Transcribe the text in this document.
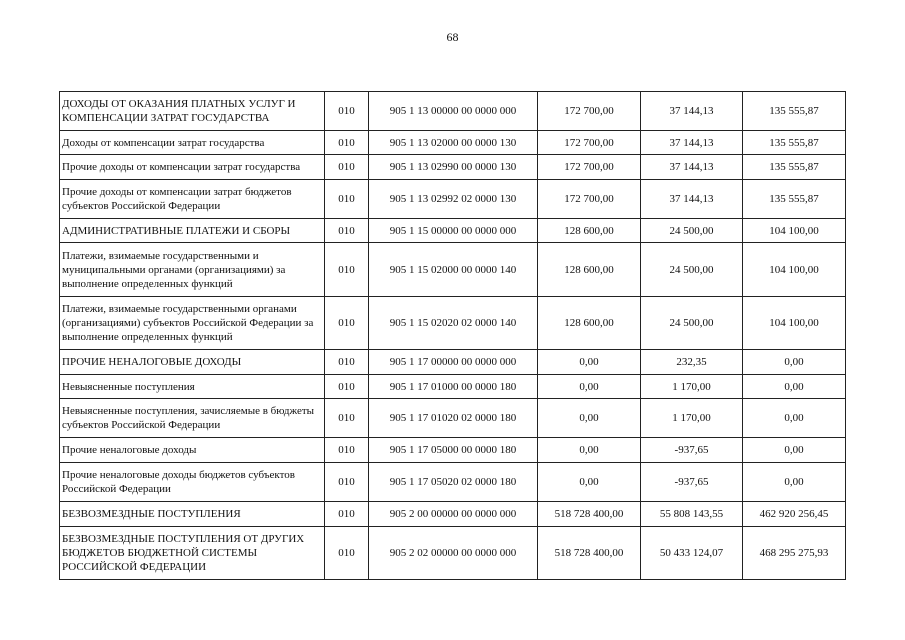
68
ДОХОДЫ ОТ ОКАЗАНИЯ ПЛАТНЫХ УСЛУГ И КОМПЕНСАЦИИ ЗАТРАТ ГОСУДАРСТВА	010	905 1 13 00000 00 0000 000	172 700,00	37 144,13	135 555,87
Доходы от компенсации затрат государства	010	905 1 13 02000 00 0000 130	172 700,00	37 144,13	135 555,87
Прочие доходы от компенсации затрат государства	010	905 1 13 02990 00 0000 130	172 700,00	37 144,13	135 555,87
Прочие доходы от компенсации затрат бюджетов субъектов Российской Федерации	010	905 1 13 02992 02 0000 130	172 700,00	37 144,13	135 555,87
АДМИНИСТРАТИВНЫЕ ПЛАТЕЖИ И СБОРЫ	010	905 1 15 00000 00 0000 000	128 600,00	24 500,00	104 100,00
Платежи, взимаемые государственными и муниципальными органами (организациями) за выполнение определенных функций	010	905 1 15 02000 00 0000 140	128 600,00	24 500,00	104 100,00
Платежи, взимаемые государственными органами (организациями) субъектов Российской Федерации за выполнение определенных функций	010	905 1 15 02020 02 0000 140	128 600,00	24 500,00	104 100,00
ПРОЧИЕ НЕНАЛОГОВЫЕ ДОХОДЫ	010	905 1 17 00000 00 0000 000	0,00	232,35	0,00
Невыясненные поступления	010	905 1 17 01000 00 0000 180	0,00	1 170,00	0,00
Невыясненные поступления, зачисляемые в бюджеты субъектов Российской Федерации	010	905 1 17 01020 02 0000 180	0,00	1 170,00	0,00
Прочие неналоговые доходы	010	905 1 17 05000 00 0000 180	0,00	-937,65	0,00
Прочие неналоговые доходы бюджетов субъектов Российской Федерации	010	905 1 17 05020 02 0000 180	0,00	-937,65	0,00
БЕЗВОЗМЕЗДНЫЕ ПОСТУПЛЕНИЯ	010	905 2 00 00000 00 0000 000	518 728 400,00	55 808 143,55	462 920 256,45
БЕЗВОЗМЕЗДНЫЕ ПОСТУПЛЕНИЯ ОТ ДРУГИХ БЮДЖЕТОВ БЮДЖЕТНОЙ СИСТЕМЫ РОССИЙСКОЙ ФЕДЕРАЦИИ	010	905 2 02 00000 00 0000 000	518 728 400,00	50 433 124,07	468 295 275,93
